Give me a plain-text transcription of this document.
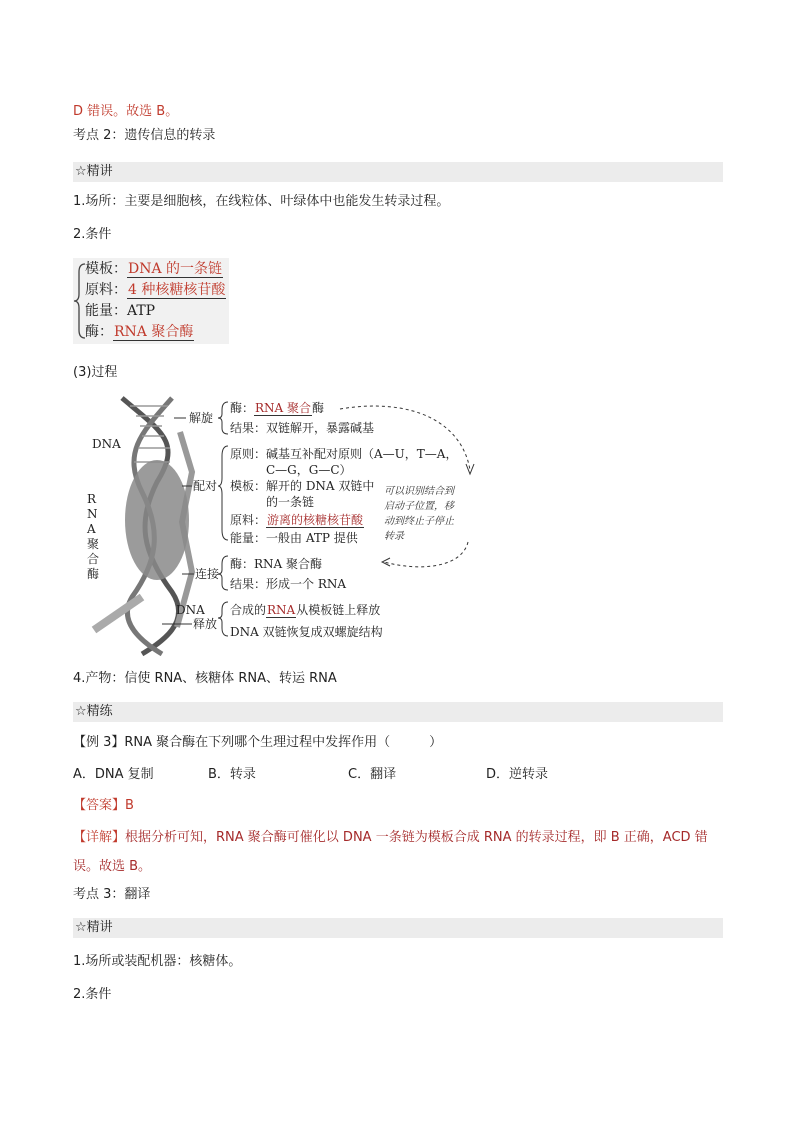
D 错误。故选 B。
考点 2：遗传信息的转录
☆精讲
1.场所：主要是细胞核，在线粒体、叶绿体中也能发生转录过程。
2.条件
模板：DNA 的一条链
原料：4 种核糖核苷酸
能量：ATP
酶：RNA 聚合酶
(3)过程
DNA
RNA聚合酶
DNA
解旋
酶：RNA 聚合酶
结果：双链解开，暴露碱基
配对
原则：碱基互补配对原则（A—U，T—A，
C—G，G—C）
模板：解开的 DNA 双链中
的一条链
原料：游离的核糖核苷酸
能量：一般由 ATP 提供
可以识别结合到
启动子位置，移
动到终止子停止
转录
连接
酶：RNA 聚合酶
结果：形成一个 RNA
释放
合成的RNA从模板链上释放
DNA 双链恢复成双螺旋结构
4.产物：信使 RNA、核糖体 RNA、转运 RNA
☆精练
【例 3】RNA 聚合酶在下列哪个生理过程中发挥作用（　　　）
A．DNA 复制	B．转录	C．翻译	D．逆转录
【答案】B
【详解】根据分析可知，RNA 聚合酶可催化以 DNA 一条链为模板合成 RNA 的转录过程，即 B 正确，ACD 错
误。故选 B。
考点 3：翻译
☆精讲
1.场所或装配机器：核糖体。
2.条件
